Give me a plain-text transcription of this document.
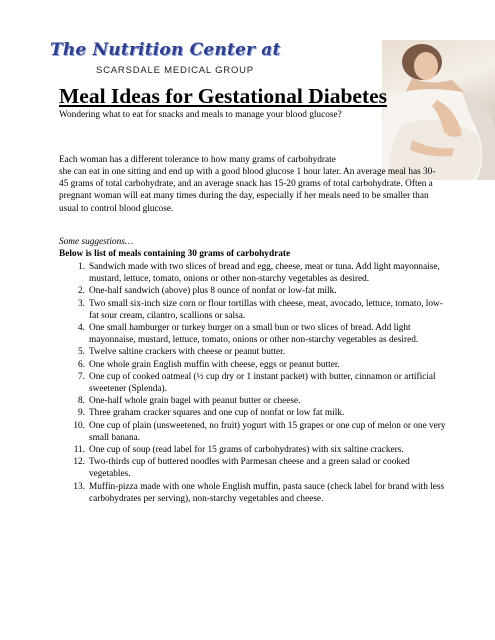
The Nutrition Center at
SCARSDALE MEDICAL GROUP
Meal Ideas for Gestational Diabetes
Wondering what to eat for snacks and meals to manage your blood glucose?
Each woman has a different tolerance to how many grams of carbohydrate
she can eat in one sitting and end up with a good blood glucose 1 hour later. An average meal has 30-45 grams of total carbohydrate, and an average snack has 15-20 grams of total carbohydrate. Often a pregnant woman will eat many times during the day, especially if her meals need to be smaller than usual to control blood glucose.
Some suggestions…
Below is list of meals containing 30 grams of carbohydrate
1. Sandwich made with two slices of bread and egg, cheese, meat or tuna. Add light mayonnaise, mustard, lettuce, tomato, onions or other non-starchy vegetables as desired.
2. One-half sandwich (above) plus 8 ounce of nonfat or low-fat milk.
3. Two small six-inch size corn or flour tortillas with cheese, meat, avocado, lettuce, tomato, low-fat sour cream, cilantro, scallions or salsa.
4. One small hamburger or turkey burger on a small bun or two slices of bread. Add light mayonnaise, mustard, lettuce, tomato, onions or other non-starchy vegetables as desired.
5. Twelve saltine crackers with cheese or peanut butter.
6. One whole grain English muffin with cheese, eggs or peanut butter.
7. One cup of cooked oatmeal (½ cup dry or 1 instant packet) with butter, cinnamon or artificial sweetener (Splenda).
8. One-half whole grain bagel with peanut butter or cheese.
9. Three graham cracker squares and one cup of nonfat or low fat milk.
10. One cup of plain (unsweetened, no fruit) yogurt with 15 grapes or one cup of melon or one very small banana.
11. One cup of soup (read label for 15 grams of carbohydrates) with six saltine crackers.
12. Two-thirds cup of buttered noodles with Parmesan cheese and a green salad or cooked vegetables.
13. Muffin-pizza made with one whole English muffin, pasta sauce (check label for brand with less carbohydrates per serving), non-starchy vegetables and cheese.
